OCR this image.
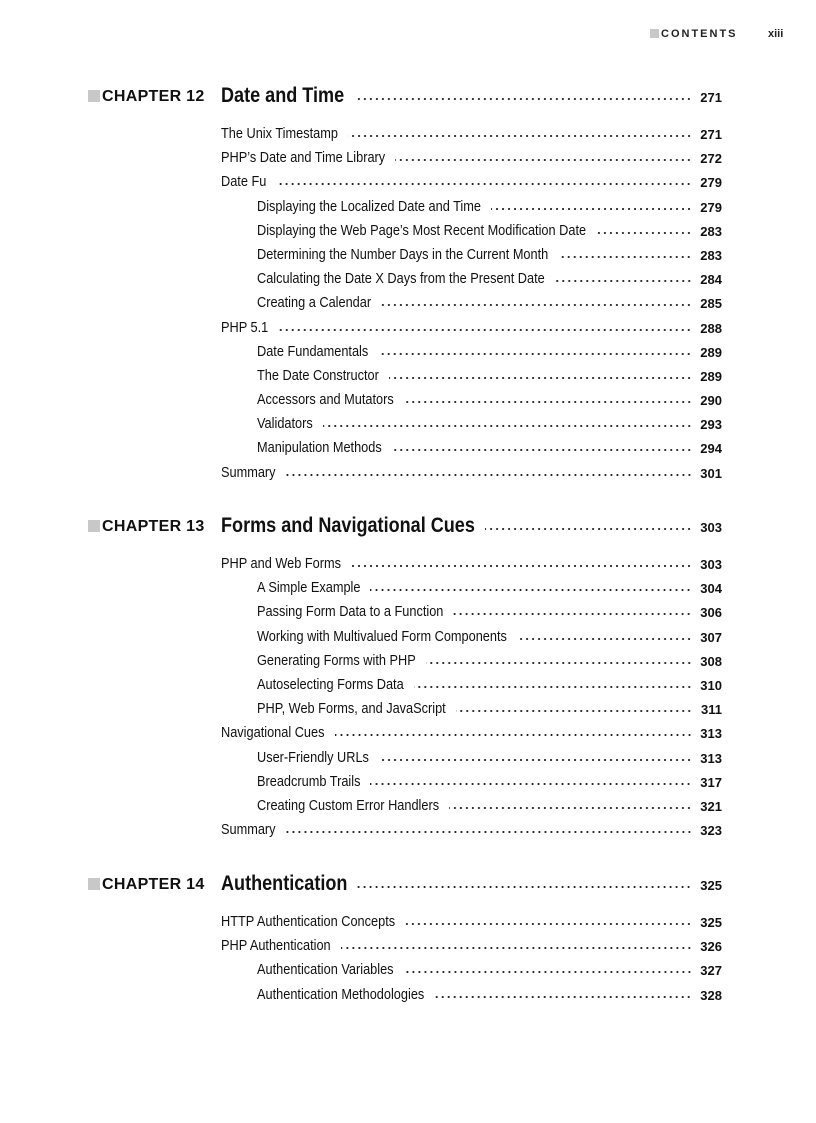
CONTENTS	xiii
CHAPTER 12 Date and Time	271
The Unix Timestamp	271
PHP’s Date and Time Library	272
Date Fu	279
Displaying the Localized Date and Time	279
Displaying the Web Page’s Most Recent Modification Date	283
Determining the Number Days in the Current Month	283
Calculating the Date X Days from the Present Date	284
Creating a Calendar	285
PHP 5.1	288
Date Fundamentals	289
The Date Constructor	289
Accessors and Mutators	290
Validators	293
Manipulation Methods	294
Summary	301
CHAPTER 13 Forms and Navigational Cues	303
PHP and Web Forms	303
A Simple Example	304
Passing Form Data to a Function	306
Working with Multivalued Form Components	307
Generating Forms with PHP	308
Autoselecting Forms Data	310
PHP, Web Forms, and JavaScript	311
Navigational Cues	313
User-Friendly URLs	313
Breadcrumb Trails	317
Creating Custom Error Handlers	321
Summary	323
CHAPTER 14 Authentication	325
HTTP Authentication Concepts	325
PHP Authentication	326
Authentication Variables	327
Authentication Methodologies	328
